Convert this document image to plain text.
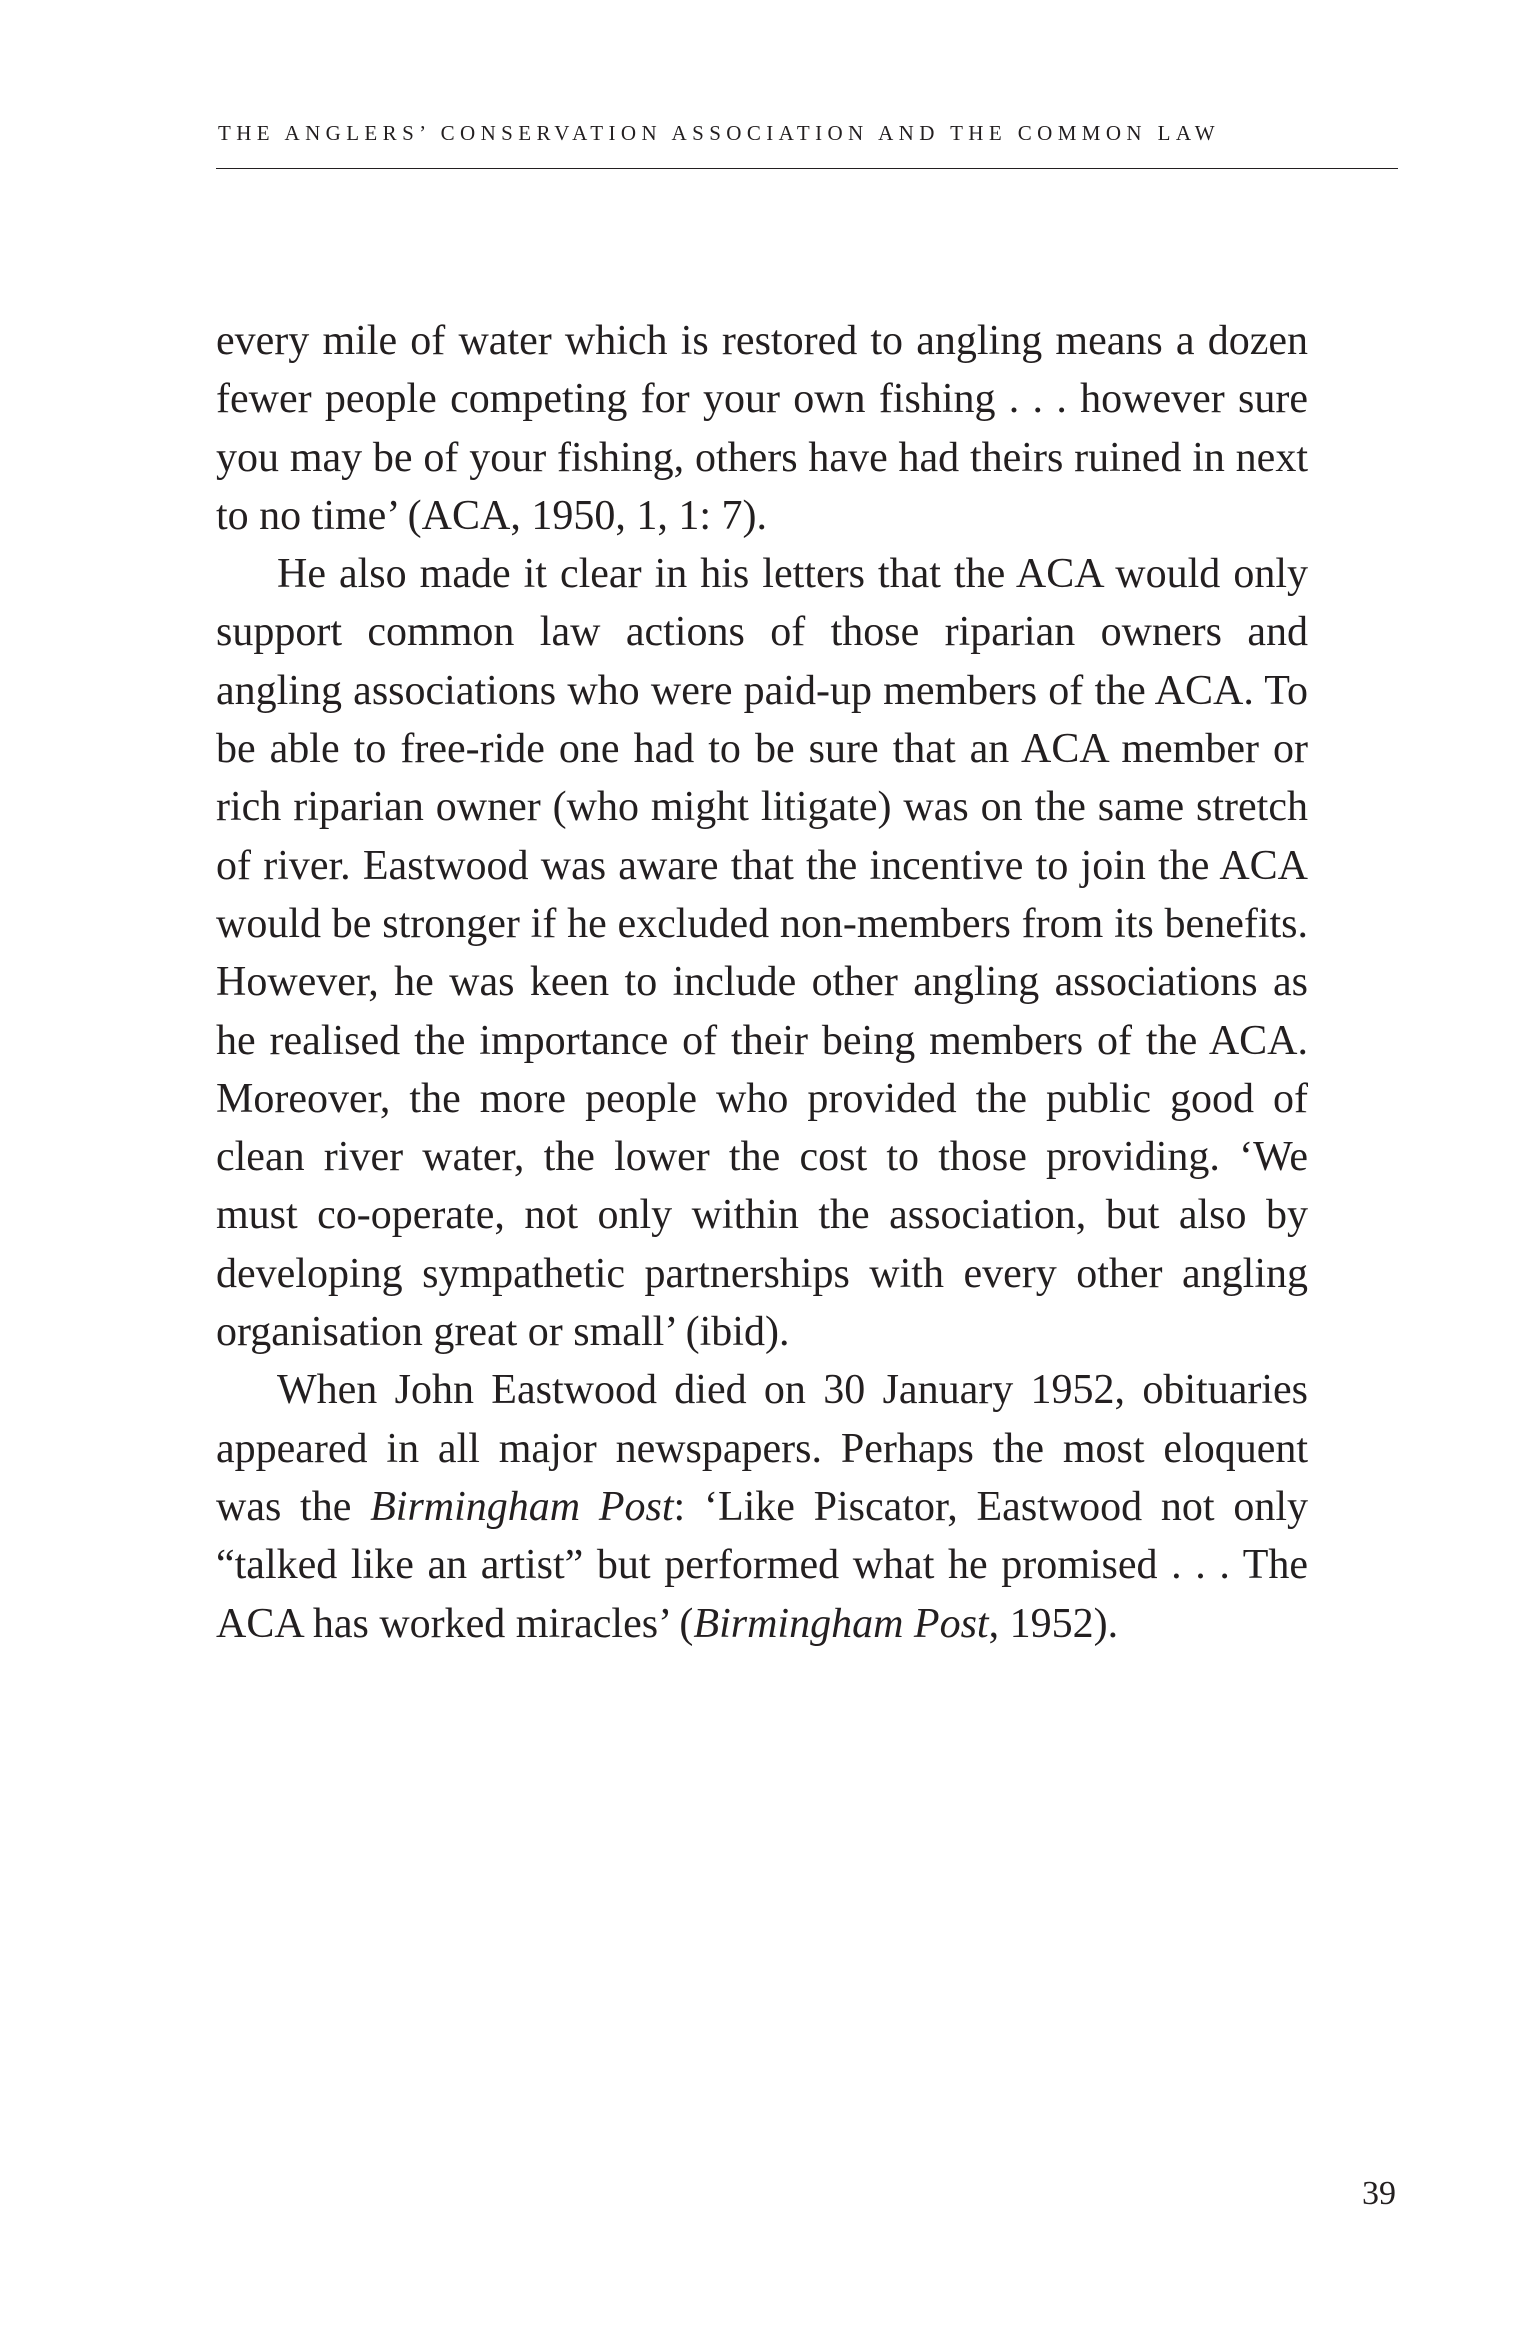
THE ANGLERS’ CONSERVATION ASSOCIATION AND THE COMMON LAW

every mile of water which is restored to angling means a dozen fewer people competing for your own fishing . . . however sure you may be of your fishing, others have had theirs ruined in next to no time’ (ACA, 1950, 1, 1: 7).

He also made it clear in his letters that the ACA would only support common law actions of those riparian owners and angling associations who were paid-up members of the ACA. To be able to free-ride one had to be sure that an ACA member or rich riparian owner (who might litigate) was on the same stretch of river. Eastwood was aware that the incentive to join the ACA would be stronger if he excluded non-members from its benefits. However, he was keen to include other angling associations as he realised the importance of their being members of the ACA. Moreover, the more people who provided the public good of clean river water, the lower the cost to those providing. ‘We must co-operate, not only within the association, but also by developing sympathetic partnerships with every other angling organisation great or small’ (ibid).

When John Eastwood died on 30 January 1952, obituaries appeared in all major newspapers. Perhaps the most eloquent was the Birmingham Post: ‘Like Piscator, Eastwood not only “talked like an artist” but performed what he promised . . . The ACA has worked miracles’ (Birmingham Post, 1952).

39
